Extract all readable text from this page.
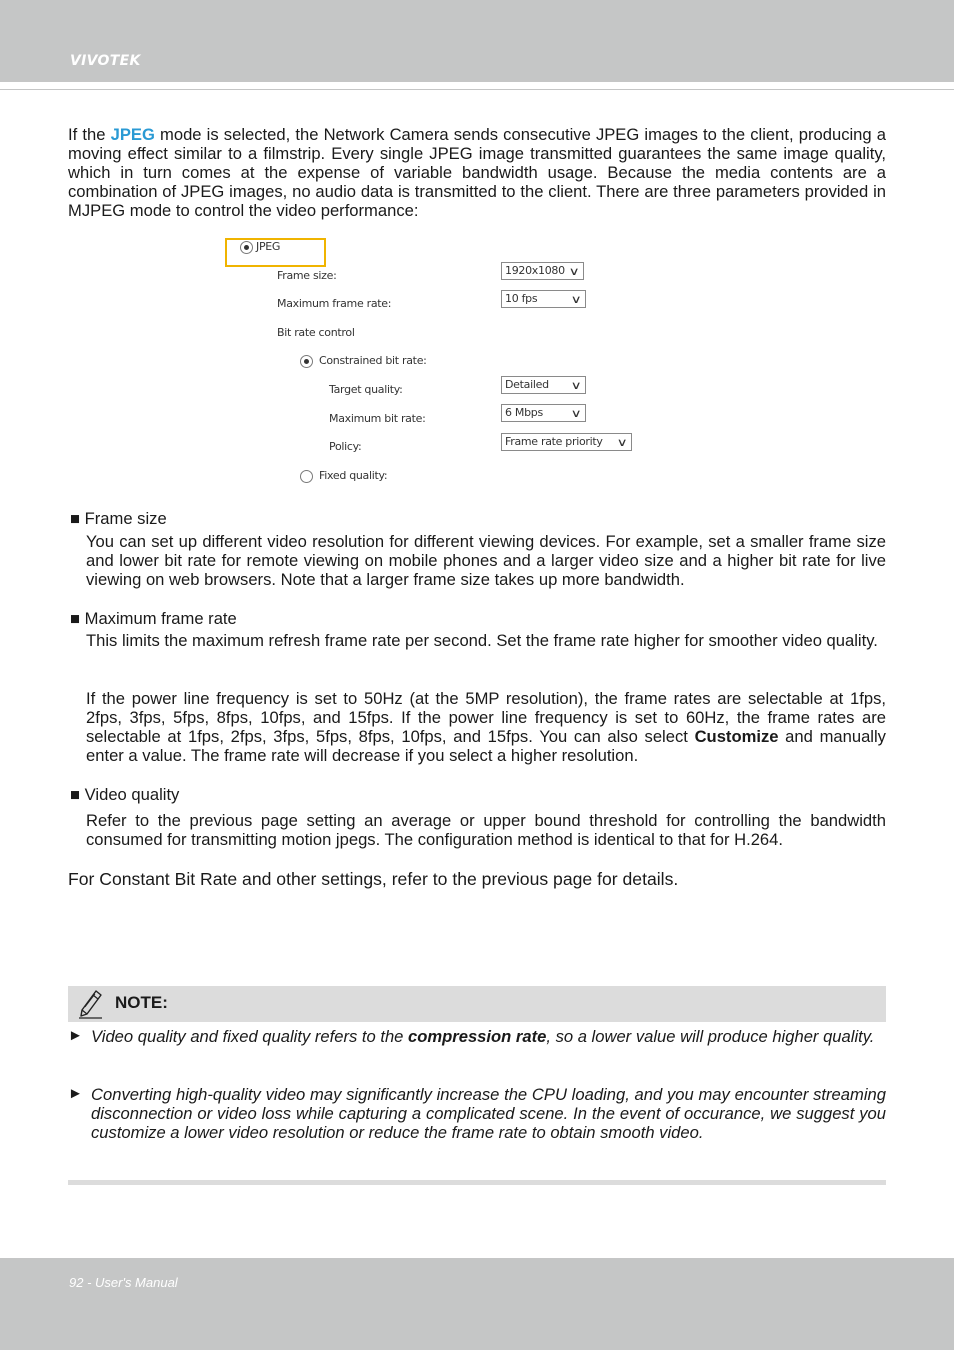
VIVOTEK

If the JPEG mode is selected, the Network Camera sends consecutive JPEG images to the client, producing a moving effect similar to a filmstrip. Every single JPEG image transmitted guarantees the same image quality, which in turn comes at the expense of variable bandwidth usage. Because the media contents are a combination of JPEG images, no audio data is transmitted to the client. There are three parameters provided in MJPEG mode to control the video performance:

JPEG
Frame size:	1920x1080 ∨
Maximum frame rate:	10 fps	∨
Bit rate control
Constrained bit rate:
Target quality:	Detailed ∨
Maximum bit rate:	6 Mbps	∨
Policy:	Frame rate priority ∨
Fixed quality:
■ Frame size

You can set up different video resolution for different viewing devices. For example, set a smaller frame size and lower bit rate for remote viewing on mobile phones and a larger video size and a higher bit rate for live viewing on web browsers. Note that a larger frame size takes up more bandwidth.

■ Maximum frame rate

This limits the maximum refresh frame rate per second. Set the frame rate higher for smoother video quality.

If the power line frequency is set to 50Hz (at the 5MP resolution), the frame rates are selectable at 1fps, 2fps, 3fps, 5fps, 8fps, 10fps, and 15fps. If the power line frequency is set to 60Hz, the frame rates are selectable at 1fps, 2fps, 3fps, 5fps, 8fps, 10fps, and 15fps. You can also select Customize and manually enter a value. The frame rate will decrease if you select a higher resolution.

■ Video quality

Refer to the previous page setting an average or upper bound threshold for controlling the bandwidth consumed for transmitting motion jpegs. The configuration method is identical to that for H.264.

For Constant Bit Rate and other settings, refer to the previous page for details.
NOTE:
► Video quality and fixed quality refers to the compression rate, so a lower value will produce higher quality.

► Converting high-quality video may significantly increase the CPU loading, and you may encounter streaming disconnection or video loss while capturing a complicated scene. In the event of occurance, we suggest you customize a lower video resolution or reduce the frame rate to obtain smooth video.

92 - User's Manual
